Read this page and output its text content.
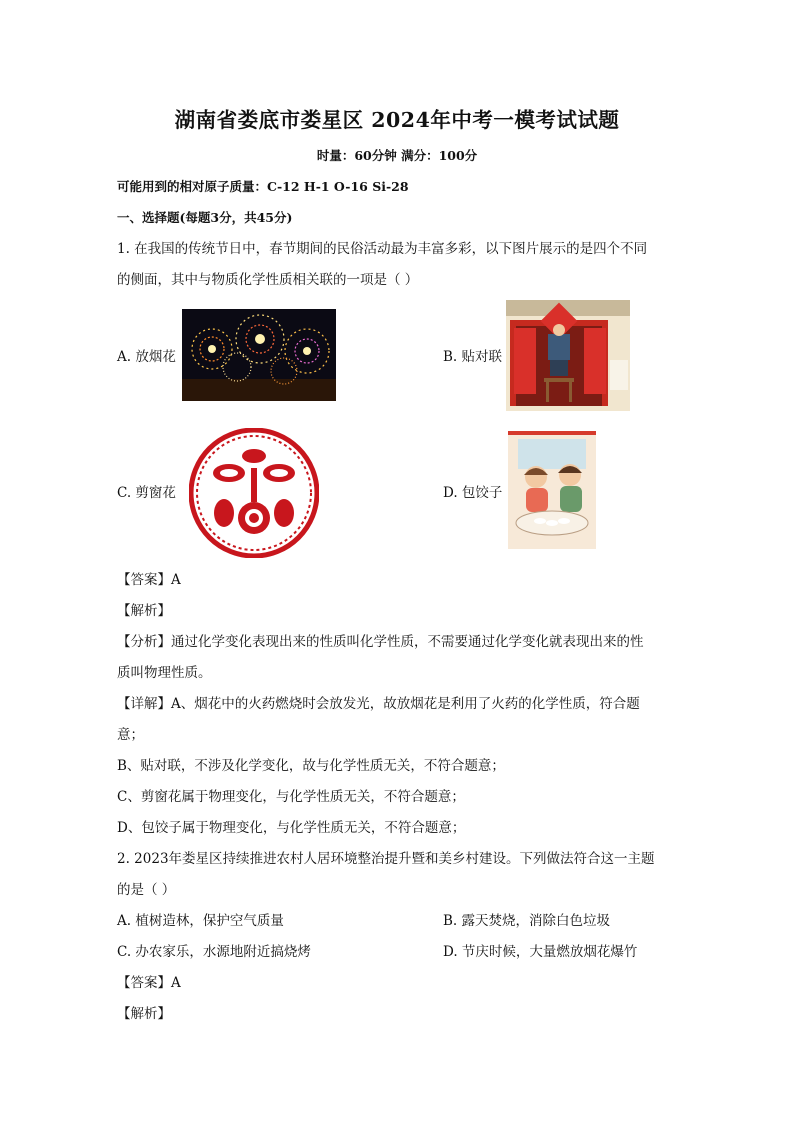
湖南省娄底市娄星区 2024年中考一模考试试题
时量：60分钟 满分：100分
可能用到的相对原子质量：C-12 H-1 O-16 Si-28
一、选择题(每题3分，共45分)
1. 在我国的传统节日中，春节期间的民俗活动最为丰富多彩，以下图片展示的是四个不同
的侧面，其中与物质化学性质相关联的一项是（ ）
A. 放烟花	B. 贴对联
C. 剪窗花	D. 包饺子
【答案】A
【解析】
【分析】通过化学变化表现出来的性质叫化学性质，不需要通过化学变化就表现出来的性
质叫物理性质。
【详解】A、烟花中的火药燃烧时会放发光，故放烟花是利用了火药的化学性质，符合题
意；
B、贴对联，不涉及化学变化，故与化学性质无关，不符合题意；
C、剪窗花属于物理变化，与化学性质无关，不符合题意；
D、包饺子属于物理变化，与化学性质无关，不符合题意；
2. 2023年娄星区持续推进农村人居环境整治提升暨和美乡村建设。下列做法符合这一主题
的是（ ）
A. 植树造林，保护空气质量	B. 露天焚烧，消除白色垃圾
C. 办农家乐，水源地附近搞烧烤	D. 节庆时候，大量燃放烟花爆竹
【答案】A
【解析】
